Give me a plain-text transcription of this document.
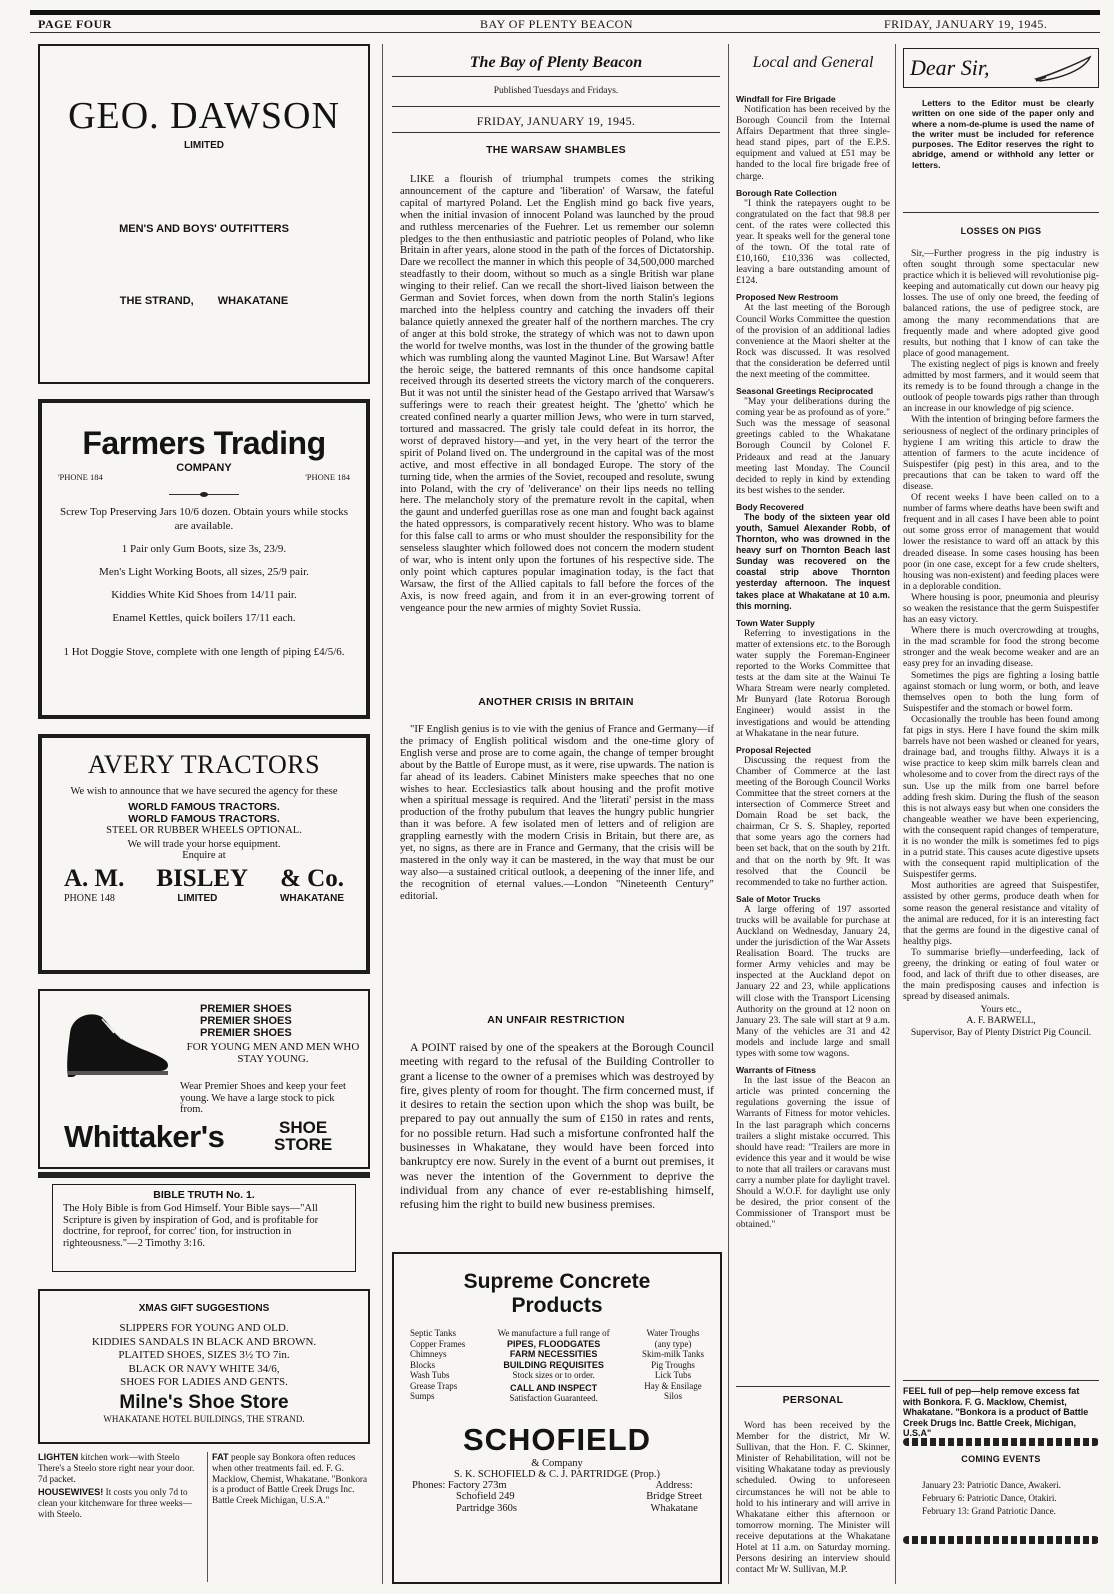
PAGE FOUR	BAY OF PLENTY BEACON	FRIDAY, JANUARY 19, 1945.
GEO. DAWSON
LIMITED
MEN'S AND BOYS' OUTFITTERS
THE STRAND, WHAKATANE
Farmers Trading
COMPANY
'PHONE 184	'PHONE 184

Screw Top Preserving Jars 10/6 dozen. Obtain yours while stocks are available.

1 Pair only Gum Boots, size 3s, 23/9.

Men's Light Working Boots, all sizes, 25/9 pair.

Kiddies White Kid Shoes from 14/11 pair.

Enamel Kettles, quick boilers 17/11 each.

1 Hot Doggie Stove, complete with one length of piping £4/5/6.

AVERY TRACTORS
We wish to announce that we have secured the agency for these
WORLD FAMOUS TRACTORS.
WORLD FAMOUS TRACTORS.
STEEL OR RUBBER WHEELS OPTIONAL.
We will trade your horse equipment.
Enquire at
A. M. BISLEY & Co.
PHONE 148	LIMITED	WHAKATANE
PREMIER SHOES
PREMIER SHOES
PREMIER SHOES
FOR YOUNG MEN AND MEN WHO STAY YOUNG.
Wear Premier Shoes and keep your feet young. We have a large stock to pick from.
Whittaker's	SHOE
STORE
BIBLE TRUTH No. 1.
The Holy Bible is from God Himself. Your Bible says—"All Scripture is given by inspiration of God, and is profitable for doctrine, for reproof, for correc' tion, for instruction in righteousness."—2 Timothy 3:16.
XMAS GIFT SUGGESTIONS
SLIPPERS FOR YOUNG AND OLD.
KIDDIES SANDALS IN BLACK AND BROWN.
PLAITED SHOES, SIZES 3½ TO 7in.
BLACK OR NAVY WHITE 34/6,
SHOES FOR LADIES AND GENTS.
Milne's Shoe Store
WHAKATANE HOTEL BUILDINGS, THE STRAND.

LIGHTEN kitchen work—with Steelo There's a Steelo store right near your door. 7d packet.

HOUSEWIVES! It costs you only 7d to clean your kitchenware for three weeks—with Steelo.

FAT people say Bonkora often reduces when other treatments fail. ed. F. G. Macklow, Chemist, Whakatane. "Bonkora is a product of Battle Creek Drugs Inc. Battle Creek Michigan, U.S.A."

The Bay of Plenty Beacon
Published Tuesdays and Fridays.
FRIDAY, JANUARY 19, 1945.
THE WARSAW SHAMBLES
LIKE a flourish of triumphal trumpets comes the striking announcement of the capture and 'liberation' of Warsaw, the fateful capital of martyred Poland. Let the English mind go back five years, when the initial invasion of innocent Poland was launched by the proud and ruthless mercenaries of the Fuehrer. Let us remember our solemn pledges to the then enthusiastic and patriotic peoples of Poland, who like Britain in after years, alone stood in the path of the forces of Dictatorship. Dare we recollect the manner in which this people of 34,500,000 marched steadfastly to their doom, without so much as a single British war plane winging to their relief. Can we recall the short-lived liaison between the German and Soviet forces, when down from the north Stalin's legions marched into the helpless country and catching the invaders off their balance quietly annexed the greater half of the northern marches. The cry of anger at this bold stroke, the strategy of which was not to dawn upon the world for twelve months, was lost in the thunder of the growing battle which was rumbling along the vaunted Maginot Line. But Warsaw! After the heroic seige, the battered remnants of this once handsome capital received through its deserted streets the victory march of the conquerers. But it was not until the sinister head of the Gestapo arrived that Warsaw's sufferings were to reach their greatest height. The 'ghetto' which he created confined nearly a quarter million Jews, who were in turn starved, tortured and massacred. The grisly tale could defeat in its horror, the worst of depraved history—and yet, in the very heart of the terror the spirit of Poland lived on. The underground in the capital was of the most active, and most effective in all bondaged Europe. The story of the turning tide, when the armies of the Soviet, recouped and resolute, swung into Poland, with the cry of 'deliverance' on their lips needs no telling here. The melancholy story of the premature revolt in the capital, when the gaunt and underfed guerillas rose as one man and fought back against the hated oppressors, is comparatively recent history. Who was to blame for this false call to arms or who must shoulder the responsibility for the senseless slaughter which followed does not concern the modern student of war, who is intent only upon the fortunes of his respective side. The only point which captures popular imagination today, is the fact that Warsaw, the first of the Allied capitals to fall before the forces of the Axis, is now freed again, and from it in an ever-growing torrent of vengeance pour the new armies of mighty Soviet Russia.
ANOTHER CRISIS IN BRITAIN
"IF English genius is to vie with the genius of France and Germany—if the primacy of English political wisdom and the one-time glory of English verse and prose are to come again, the change of temper brought about by the Battle of Europe must, as it were, rise upwards. The nation is far ahead of its leaders. Cabinet Ministers make speeches that no one wishes to hear. Ecclesiastics talk about housing and the profit motive when a spiritual message is required. And the 'literati' persist in the mass production of the frothy pubulum that leaves the hungry public hungrier than it was before. A few isolated men of letters and of religion are grappling earnestly with the modern Crisis in Britain, but there are, as yet, no signs, as there are in France and Germany, that the crisis will be mastered in the only way it can be mastered, in the way that must be our way also—a sustained critical outlook, a deepening of the inner life, and the recognition of eternal values.—London "Nineteenth Century" editorial.
AN UNFAIR RESTRICTION
A POINT raised by one of the speakers at the Borough Council meeting with regard to the refusal of the Building Controller to grant a license to the owner of a premises which was destroyed by fire, gives plenty of room for thought. The firm concerned must, if it desires to retain the section upon which the shop was built, be prepared to pay out annually the sum of £150 in rates and rents, for no possible return. Had such a misfortune confronted half the businesses in Whakatane, they would have been forced into bankruptcy ere now. Surely in the event of a burnt out premises, it was never the intention of the Government to deprive the individual from any chance of ever re-establishing himself, refusing him the right to build new business premises.
Supreme Concrete
Products
Septic Tanks
Copper Frames
Chimneys
Blocks
Wash Tubs
Grease Traps
Sumps
We manufacture a full range of
PIPES, FLOODGATES
FARM NECESSITIES
BUILDING REQUISITES
Stock sizes or to order.
CALL AND INSPECT
Satisfaction Guaranteed.
Water Troughs
(any type)
Skim-milk Tanks
Pig Troughs
Lick Tubs
Hay & Ensilage
Silos
SCHOFIELD
& Company
S. K. SCHOFIELD & C. J. PARTRIDGE (Prop.)
Phones: Factory 273m
Schofield 249
Partridge 360s
Address:
Bridge Street
Whakatane
Local and General
Windfall for Fire Brigade

Notification has been received by the Borough Council from the Internal Affairs Department that three single-head stand pipes, part of the E.P.S. equipment and valued at £51 may be handed to the local fire brigade free of charge.

Borough Rate Collection

"I think the ratepayers ought to be congratulated on the fact that 98.8 per cent. of the rates were collected this year. It speaks well for the general tone of the town. Of the total rate of £10,160, £10,336 was collected, leaving a bare outstanding amount of £124.

Proposed New Restroom

At the last meeting of the Borough Council Works Committee the question of the provision of an additional ladies convenience at the Maori shelter at the Rock was discussed. It was resolved that the consideration be deferred until the next meeting of the committee.

Seasonal Greetings Reciprocated

"May your deliberations during the coming year be as profound as of yore." Such was the message of seasonal greetings cabled to the Whakatane Borough Council by Colonel F. Prideaux and read at the January meeting last Monday. The Council decided to reply in kind by extending its best wishes to the sender.

Body Recovered

The body of the sixteen year old youth, Samuel Alexander Robb, of Thornton, who was drowned in the heavy surf on Thornton Beach last Sunday was recovered on the coastal strip above Thornton yesterday afternoon. The inquest takes place at Whakatane at 10 a.m. this morning.

Town Water Supply

Referring to investigations in the matter of extensions etc. to the Borough water supply the Foreman-Engineer reported to the Works Committee that tests at the dam site at the Wainui Te Whara Stream were nearly completed. Mr Bunyard (late Rotorua Borough Engineer) would assist in the investigations and would be attending at Whakatane in the near future.

Proposal Rejected

Discussing the request from the Chamber of Commerce at the last meeting of the Borough Council Works Committee that the street corners at the intersection of Commerce Street and Domain Road be set back, the chairman, Cr S. S. Shapley, reported that some years ago the corners had been set back, that on the south by 21ft. and that on the north by 9ft. It was resolved that the Council be recommended to take no further action.

Sale of Motor Trucks

A large offering of 197 assorted trucks will be available for purchase at Auckland on Wednesday, January 24, under the jurisdiction of the War Assets Realisation Board. The trucks are former Army vehicles and may be inspected at the Auckland depot on January 22 and 23, while applications will close with the Transport Licensing Authority on the ground at 12 noon on January 23. The sale will start at 9 a.m. Many of the vehicles are 31 and 42 models and include large and small types with some tow wagons.

Warrants of Fitness

In the last issue of the Beacon an article was printed concerning the regulations governing the issue of Warrants of Fitness for motor vehicles. In the last paragraph which concerns trailers a slight mistake occurred. This should have read: "Trailers are more in evidence this year and it would be wise to note that all trailers or caravans must carry a number plate for daylight travel. Should a W.O.F. for daylight use only be desired, the prior consent of the Commissioner of Transport must be obtained."

PERSONAL
Word has been received by the Member for the district, Mr W. Sullivan, that the Hon. F. C. Skinner, Minister of Rehabilitation, will not be visiting Whakatane today as previously scheduled. Owing to unforeseen circumstances he will not be able to hold to his intinerary and will arrive in Whakatane either this afternoon or tomorrow morning. The Minister will receive deputations at the Whakatane Hotel at 11 a.m. on Saturday morning. Persons desiring an interview should contact Mr W. Sullivan, M.P.
Dear Sir,
Letters to the Editor must be clearly written on one side of the paper only and where a nom-de-plume is used the name of the writer must be included for reference purposes. The Editor reserves the right to abridge, amend or withhold any letter or letters.
LOSSES ON PIGS

Sir,—Further progress in the pig industry is often sought through some spectacular new practice which it is believed will revolutionise pig-keeping and automatically cut down our heavy pig losses. The use of only one breed, the feeding of balanced rations, the use of pedigree stock, are among the many recommendations that are frequently made and where adopted give good results, but nothing that I know of can take the place of good management.

The existing neglect of pigs is known and freely admitted by most farmers, and it would seem that its remedy is to be found through a change in the outlook of people towards pigs rather than through an increase in our knowledge of pig science.

With the intention of bringing before farmers the seriousness of neglect of the ordinary principles of hygiene I am writing this article to draw the attention of farmers to the acute incidence of Suispestifer (pig pest) in this area, and to the precautions that can be taken to ward off the disease.

Of recent weeks I have been called on to a number of farms where deaths have been swift and frequent and in all cases I have been able to point out some gross error of management that would lower the resistance to ward off an attack by this dreaded disease. In some cases housing has been poor (in one case, except for a few crude shelters, housing was non-existent) and feeding places were in a deplorable condition.

Where housing is poor, pneumonia and pleurisy so weaken the resistance that the germ Suispestifer has an easy victory.

Where there is much overcrowding at troughs, in the mad scramble for food the strong become stronger and the weak become weaker and are an easy prey for an invading disease.

Sometimes the pigs are fighting a losing battle against stomach or lung worm, or both, and leave themselves open to both the lung form of Suispestifer and the stomach or bowel form.

Occasionally the trouble has been found among fat pigs in stys. Here I have found the skim milk barrels have not been washed or cleaned for years, drainage bad, and troughs filthy. Always it is a wise practice to keep skim milk barrels clean and wholesome and to cover from the direct rays of the sun. Use up the milk from one barrel before adding fresh skim. During the flush of the season this is not always easy but when one considers the changeable weather we have been experiencing, with the consequent rapid changes of temperature, it is no wonder the milk is sometimes fed to pigs in a putrid state. This causes acute digestive upsets with the consequent rapid multiplication of the Suispestifer germs.

Most authorities are agreed that Suispestifer, assisted by other germs, produce death when for some reason the general resistance and vitality of the animal are reduced, for it is an interesting fact that the germs are found in the digestive canal of healthy pigs.

To summarise briefly—underfeeding, lack of greeny, the drinking or eating of foul water or food, and lack of thrift due to other diseases, are the main predisposing causes and infection is spread by diseased animals.

Yours etc.,

A. F. BARWELL,

Supervisor, Bay of Plenty District Pig Council.

FEEL full of pep—help remove excess fat with Bonkora. F. G. Macklow, Chemist, Whakatane. "Bonkora is a product of Battle Creek Drugs Inc. Battle Creek, Michigan, U.S.A"

COMING EVENTS

January 23: Patriotic Dance, Awakeri.

February 6: Patriotic Dance, Otakiri.

February 13: Grand Patriotic Dance.
